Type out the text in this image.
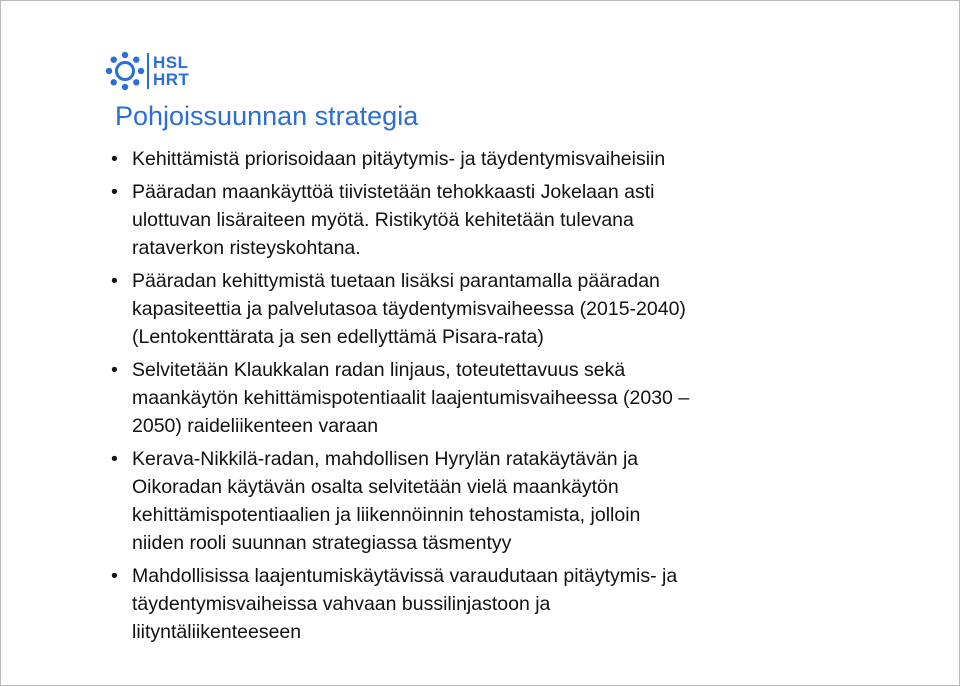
HSL
HRT
Pohjoissuunnan strategia
• Kehittämistä priorisoidaan pitäytymis- ja täydentymisvaiheisiin
• Pääradan maankäyttöä tiivistetään tehokkaasti Jokelaan asti
ulottuvan lisäraiteen myötä. Ristikytöä kehitetään tulevana
rataverkon risteyskohtana.
• Pääradan kehittymistä tuetaan lisäksi parantamalla pääradan
kapasiteettia ja palvelutasoa täydentymisvaiheessa (2015-2040)
(Lentokenttärata ja sen edellyttämä Pisara-rata)
• Selvitetään Klaukkalan radan linjaus, toteutettavuus sekä
maankäytön kehittämispotentiaalit laajentumisvaiheessa (2030 –
2050) raideliikenteen varaan
• Kerava-Nikkilä-radan, mahdollisen Hyrylän ratakäytävän ja
Oikoradan käytävän osalta selvitetään vielä maankäytön
kehittämispotentiaalien ja liikennöinnin tehostamista, jolloin
niiden rooli suunnan strategiassa täsmentyy
• Mahdollisissa laajentumiskäytävissä varaudutaan pitäytymis- ja
täydentymisvaiheissa vahvaan bussilinjastoon ja
liityntäliikenteeseen
